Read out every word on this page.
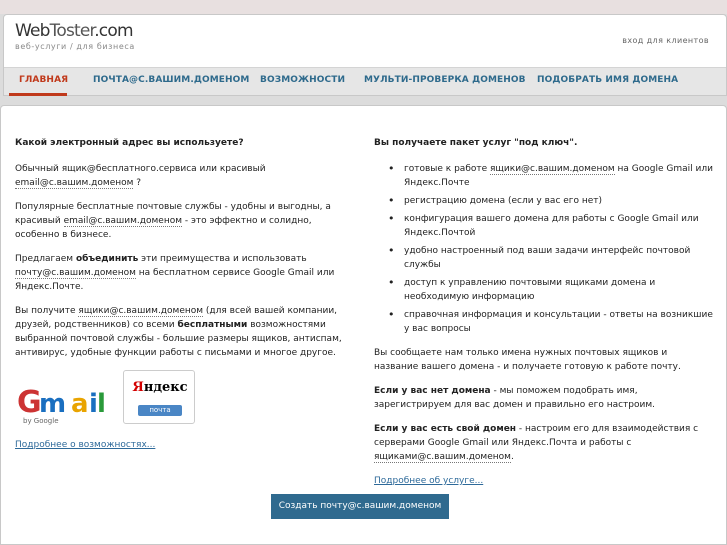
WebToster.com
веб-услуги / для бизнеса
вход для клиентов
ГЛАВНАЯ	ПОЧТА@С.ВАШИМ.ДОМЕНОМ ВОЗМОЖНОСТИ МУЛЬТИ-ПРОВЕРКА ДОМЕНОВ ПОДОБРАТЬ ИМЯ ДОМЕНА
Какой электронный адрес вы используете?
Обычный ящик@бесплатного.сервиса или красивый
email@с.вашим.доменом ?
Популярные бесплатные почтовые службы - удобны и выгодны, а красивый email@с.вашим.доменом - это эффектно и солидно, особенно в бизнесе.
Предлагаем объединить эти преимущества и использовать почту@с.вашим.доменом на бесплатном сервисе Google Gmail или Яндекс.Почте.
Вы получите ящики@с.вашим.доменом (для всей вашей компании, друзей, родственников) со всеми бесплатными возможностями выбранной почтовой службы - большие размеры ящиков, антиспам, антивирус, удобные функции работы с письмами и многое другое.
G
m a i l
by Google
Яндекс
почта
Подробнее о возможностях...
Вы получаете пакет услуг "под ключ".
• готовые к работе ящики@с.вашим.доменом на Google Gmail или Яндекс.Почте
• регистрацию домена (если у вас его нет)
• конфигурация вашего домена для работы с Google Gmail или Яндекс.Почтой
• удобно настроенный под ваши задачи интерфейс почтовой службы
• доступ к управлению почтовыми ящиками домена и необходимую информацию
• справочная информация и консультации - ответы на возникшие у вас вопросы
Вы сообщаете нам только имена нужных почтовых ящиков и название вашего домена - и получаете готовую к работе почту.
Если у вас нет домена - мы поможем подобрать имя, зарегистрируем для вас домен и правильно его настроим.
Если у вас есть свой домен - настроим его для взаимодействия с серверами Google Gmail или Яндекс.Почта и работы с ящиками@с.вашим.доменом.
Подробнее об услуге...
Создать почту@с.вашим.доменом
